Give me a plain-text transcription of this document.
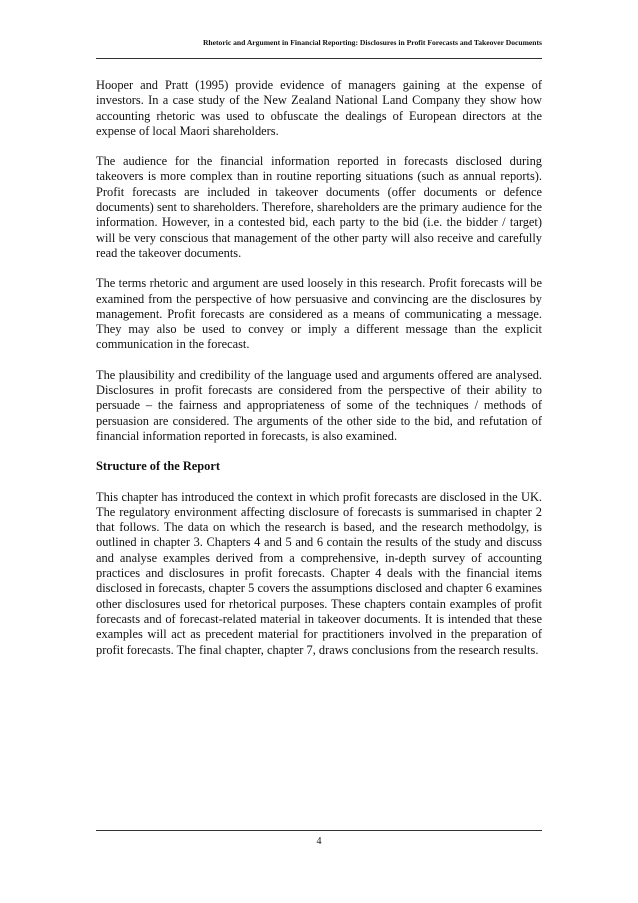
Rhetoric and Argument in Financial Reporting: Disclosures in Profit Forecasts and Takeover Documents

Hooper and Pratt (1995) provide evidence of managers gaining at the expense of investors. In a case study of the New Zealand National Land Company they show how accounting rhetoric was used to obfuscate the dealings of European directors at the expense of local Maori shareholders.

The audience for the financial information reported in forecasts disclosed during takeovers is more complex than in routine reporting situations (such as annual reports). Profit forecasts are included in takeover documents (offer documents or defence documents) sent to shareholders. Therefore, shareholders are the primary audience for the information. However, in a contested bid, each party to the bid (i.e. the bidder / target) will be very conscious that management of the other party will also receive and carefully read the takeover documents.

The terms rhetoric and argument are used loosely in this research. Profit forecasts will be examined from the perspective of how persuasive and convincing are the disclosures by management. Profit forecasts are considered as a means of communicating a message. They may also be used to convey or imply a different message than the explicit communication in the forecast.

The plausibility and credibility of the language used and arguments offered are analysed. Disclosures in profit forecasts are considered from the perspective of their ability to persuade – the fairness and appropriateness of some of the techniques / methods of persuasion are considered. The arguments of the other side to the bid, and refutation of financial information reported in forecasts, is also examined.

Structure of the Report

This chapter has introduced the context in which profit forecasts are disclosed in the UK. The regulatory environment affecting disclosure of forecasts is summarised in chapter 2 that follows. The data on which the research is based, and the research methodolgy, is outlined in chapter 3. Chapters 4 and 5 and 6 contain the results of the study and discuss and analyse examples derived from a comprehensive, in-depth survey of accounting practices and disclosures in profit forecasts. Chapter 4 deals with the financial items disclosed in forecasts, chapter 5 covers the assumptions disclosed and chapter 6 examines other disclosures used for rhetorical purposes. These chapters contain examples of profit forecasts and of forecast-related material in takeover documents. It is intended that these examples will act as precedent material for practitioners involved in the preparation of profit forecasts. The final chapter, chapter 7, draws conclusions from the research results.

4
